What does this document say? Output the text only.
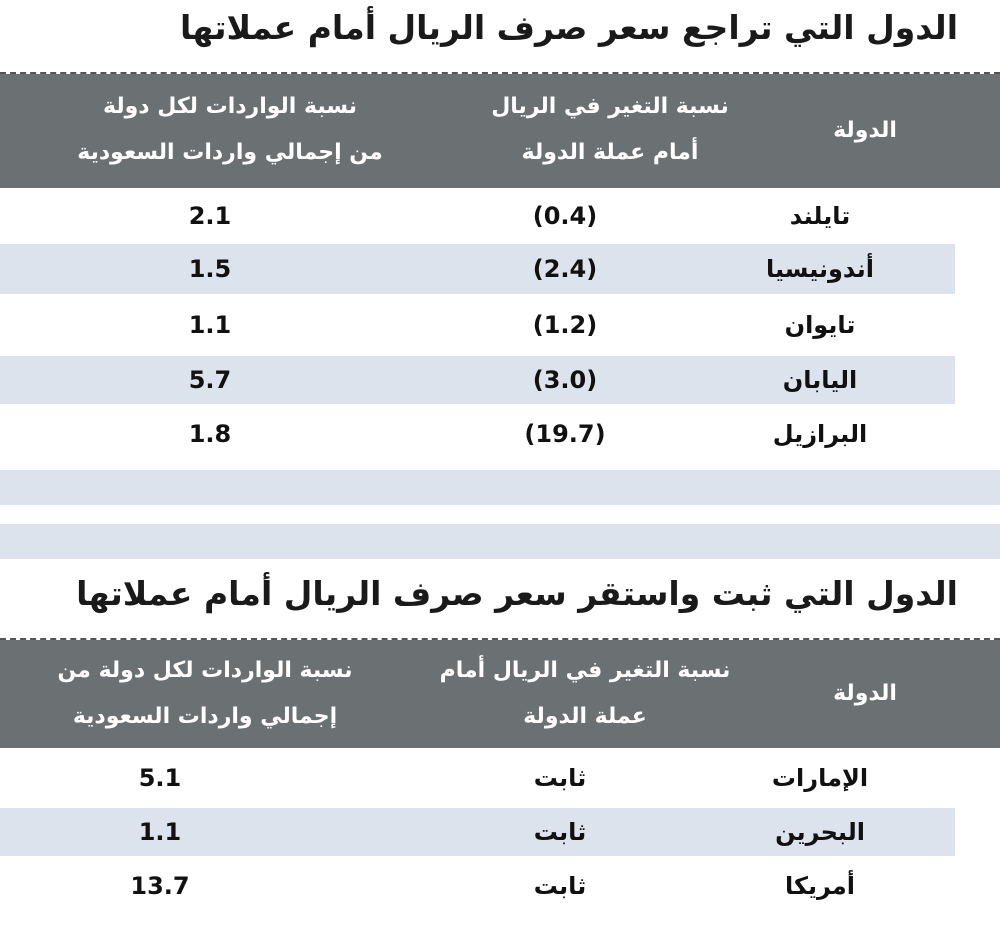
الدول التي تراجع سعر صرف الريال أمام عملاتها
الدولة
نسبة التغير في الريال
أمام عملة الدولة
نسبة الواردات لكل دولة
من إجمالي واردات السعودية
تايلند
(0.4)
2.1
أندونيسيا
(2.4)
1.5
تايوان
(1.2)
1.1
اليابان
(3.0)
5.7
البرازيل
(19.7)
1.8
الدول التي ثبت واستقر سعر صرف الريال أمام عملاتها
الدولة
نسبة التغير في الريال أمام
عملة الدولة
نسبة الواردات لكل دولة من
إجمالي واردات السعودية
الإمارات
ثابت
5.1
البحرين
ثابت
1.1
أمريكا
ثابت
13.7
